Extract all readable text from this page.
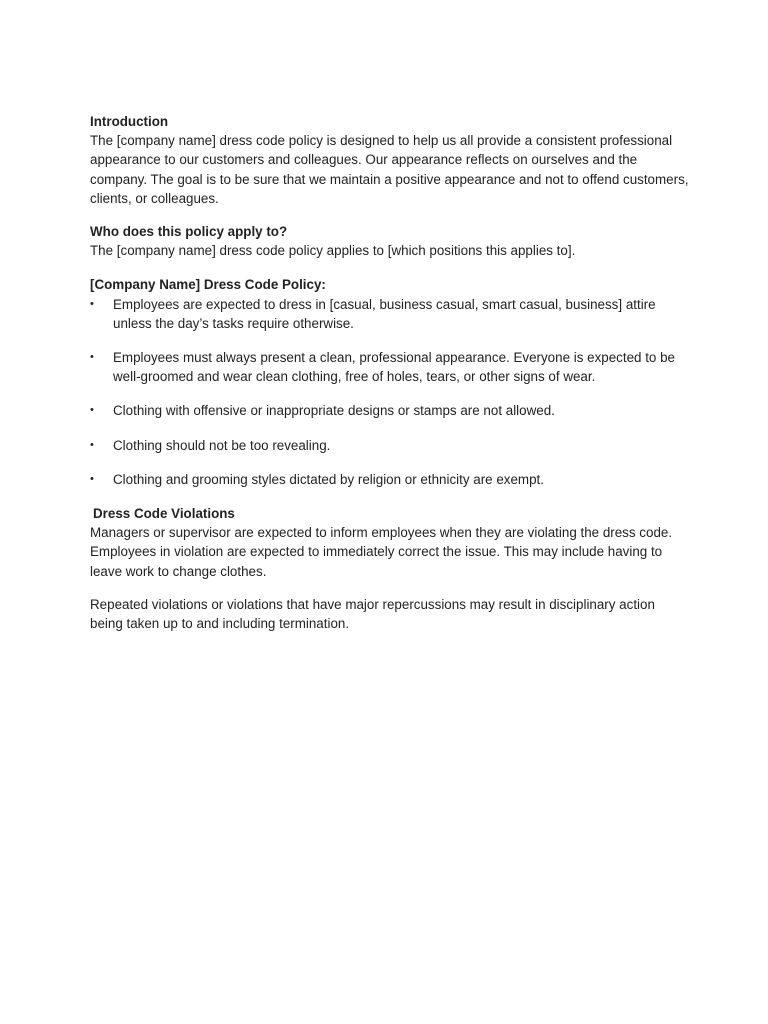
Introduction

The [company name] dress code policy is designed to help us all provide a consistent professional appearance to our customers and colleagues. Our appearance reflects on ourselves and the company. The goal is to be sure that we maintain a positive appearance and not to offend customers, clients, or colleagues.

Who does this policy apply to?

The [company name] dress code policy applies to [which positions this applies to].

[Company Name] Dress Code Policy:

•	Employees are expected to dress in [casual, business casual, smart casual, business] attire unless the day’s tasks require otherwise.
•	Employees must always present a clean, professional appearance. Everyone is expected to be well-groomed and wear clean clothing, free of holes, tears, or other signs of wear.
•	Clothing with offensive or inappropriate designs or stamps are not allowed.
•	Clothing should not be too revealing.
•	Clothing and grooming styles dictated by religion or ethnicity are exempt.

Dress Code Violations

Managers or supervisor are expected to inform employees when they are violating the dress code. Employees in violation are expected to immediately correct the issue. This may include having to leave work to change clothes.

Repeated violations or violations that have major repercussions may result in disciplinary action being taken up to and including termination.
